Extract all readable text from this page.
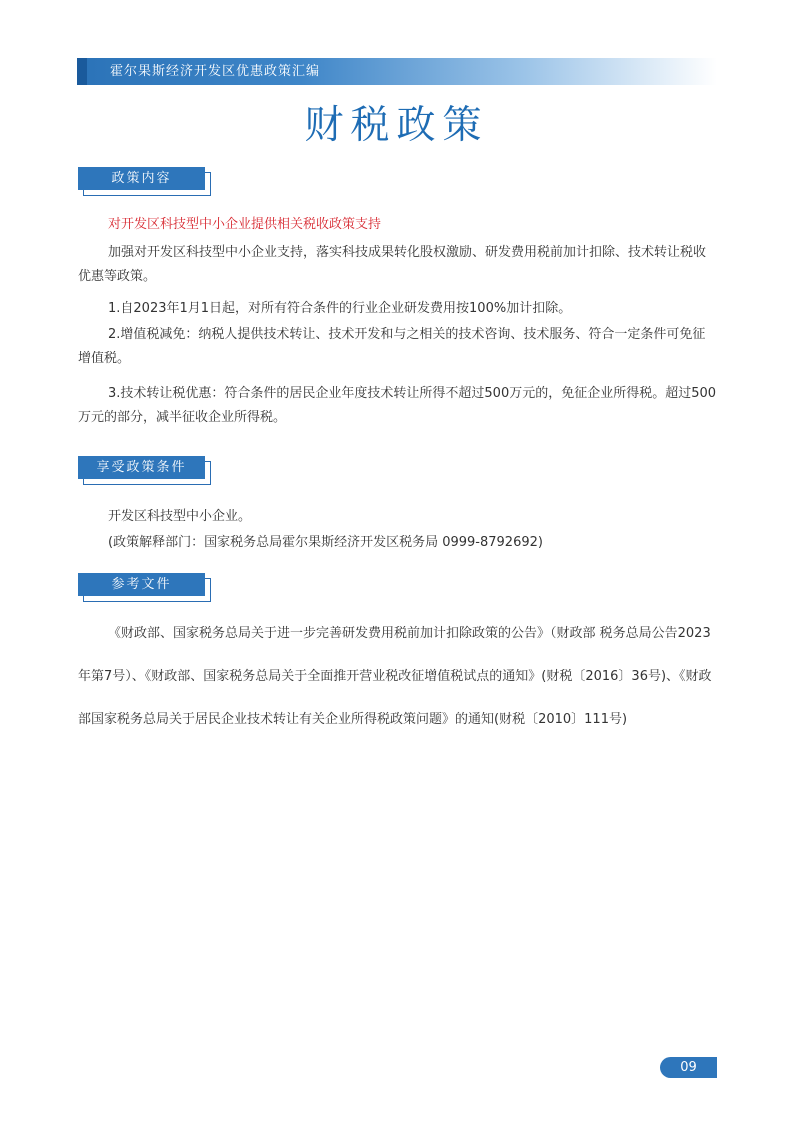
霍尔果斯经济开发区优惠政策汇编
财税政策
政策内容

对开发区科技型中小企业提供相关税收政策支持

加强对开发区科技型中小企业支持，落实科技成果转化股权激励、研发费用税前加计扣除、技术转让税收优惠等政策。

1.自2023年1月1日起，对所有符合条件的行业企业研发费用按100%加计扣除。

2.增值税减免：纳税人提供技术转让、技术开发和与之相关的技术咨询、技术服务、符合一定条件可免征增值税。

3.技术转让税优惠：符合条件的居民企业年度技术转让所得不超过500万元的，免征企业所得税。超过500万元的部分，减半征收企业所得税。

享受政策条件

开发区科技型中小企业。

(政策解释部门：国家税务总局霍尔果斯经济开发区税务局 0999-8792692)

参考文件

《财政部、国家税务总局关于进一步完善研发费用税前加计扣除政策的公告》（财政部 税务总局公告2023年第7号）、《财政部、国家税务总局关于全面推开营业税改征增值税试点的通知》(财税〔2016〕36号)、《财政部国家税务总局关于居民企业技术转让有关企业所得税政策问题》的通知(财税〔2010〕111号)

09
